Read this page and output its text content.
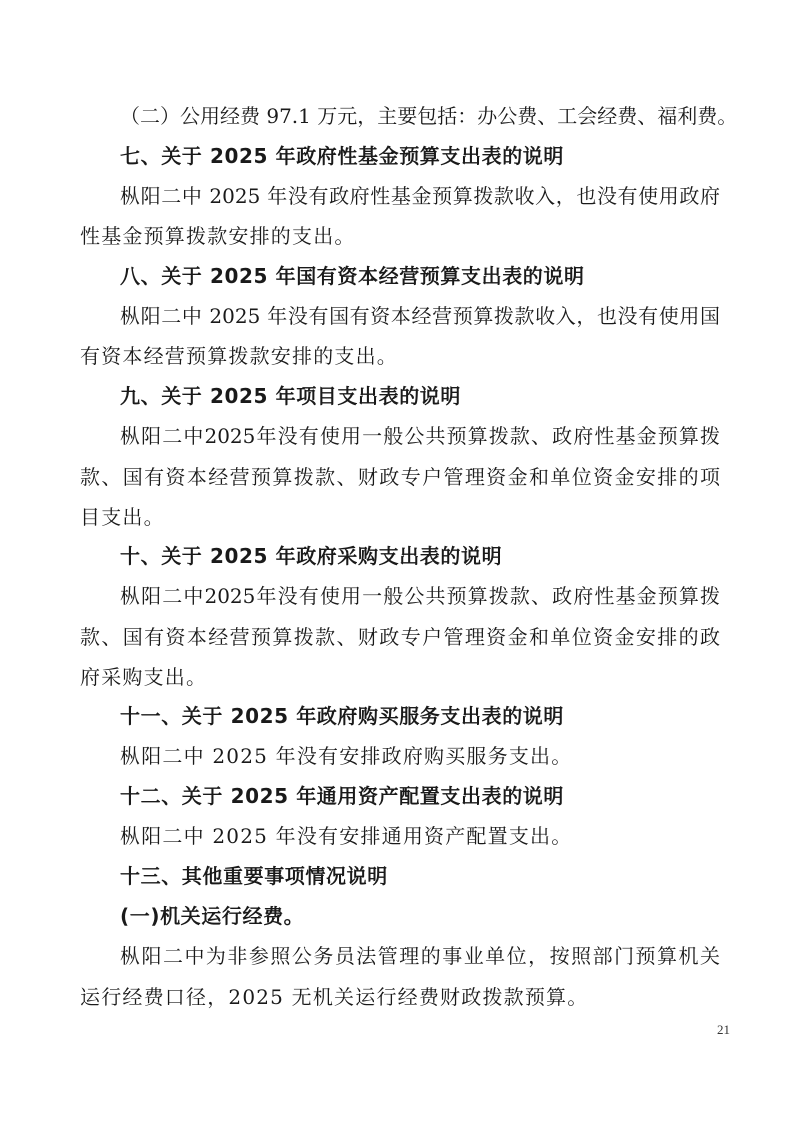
（二）公用经费 97.1 万元，主要包括：办公费、工会经费、福利费。
七、关于 2025 年政府性基金预算支出表的说明
枞阳二中 2025 年没有政府性基金预算拨款收入，也没有使用政府
性基金预算拨款安排的支出。
八、关于 2025 年国有资本经营预算支出表的说明
枞阳二中 2025 年没有国有资本经营预算拨款收入，也没有使用国
有资本经营预算拨款安排的支出。
九、关于 2025 年项目支出表的说明
枞阳二中2025年没有使用一般公共预算拨款、政府性基金预算拨
款、国有资本经营预算拨款、财政专户管理资金和单位资金安排的项
目支出。
十、关于 2025 年政府采购支出表的说明
枞阳二中2025年没有使用一般公共预算拨款、政府性基金预算拨
款、国有资本经营预算拨款、财政专户管理资金和单位资金安排的政
府采购支出。
十一、关于 2025 年政府购买服务支出表的说明
枞阳二中 2025 年没有安排政府购买服务支出。
十二、关于 2025 年通用资产配置支出表的说明
枞阳二中 2025 年没有安排通用资产配置支出。
十三、其他重要事项情况说明
(一)机关运行经费。
枞阳二中为非参照公务员法管理的事业单位，按照部门预算机关
运行经费口径，2025 无机关运行经费财政拨款预算。
21
